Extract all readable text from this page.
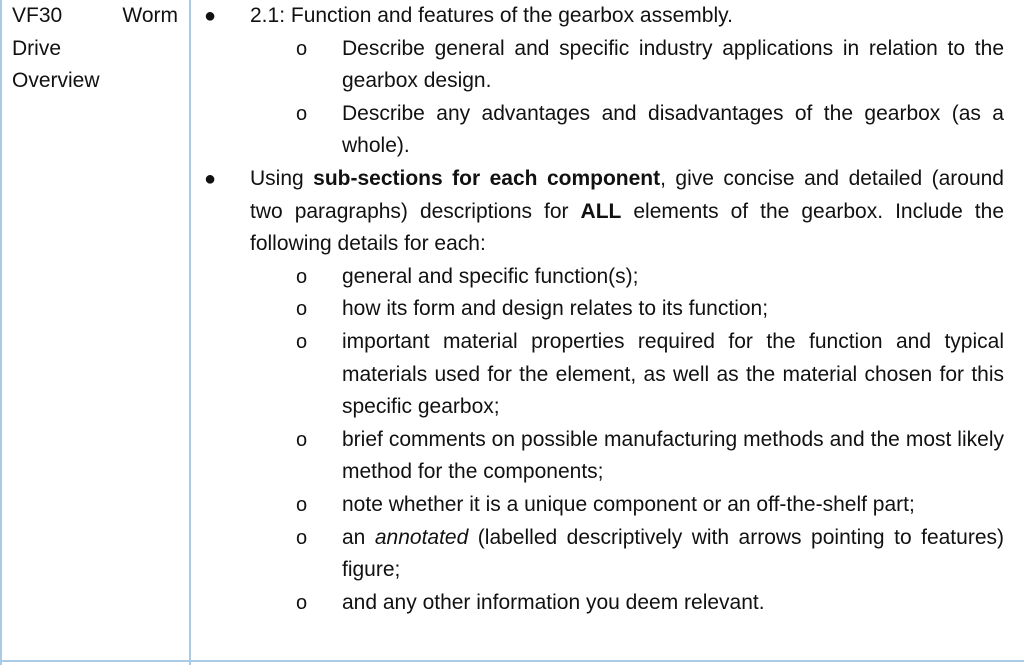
VF30	Worm
Drive
Overview
● 2.1: Function and features of the gearbox assembly.
o Describe general and specific industry applications in relation to the gearbox design.
o Describe any advantages and disadvantages of the gearbox (as a whole).
● Using sub-sections for each component, give concise and detailed (around two paragraphs) descriptions for ALL elements of the gearbox. Include the following details for each:
o general and specific function(s);
o how its form and design relates to its function;
o important material properties required for the function and typical materials used for the element, as well as the material chosen for this specific gearbox;
o brief comments on possible manufacturing methods and the most likely method for the components;
o note whether it is a unique component or an off-the-shelf part;
o an annotated (labelled descriptively with arrows pointing to features) figure;
o and any other information you deem relevant.
